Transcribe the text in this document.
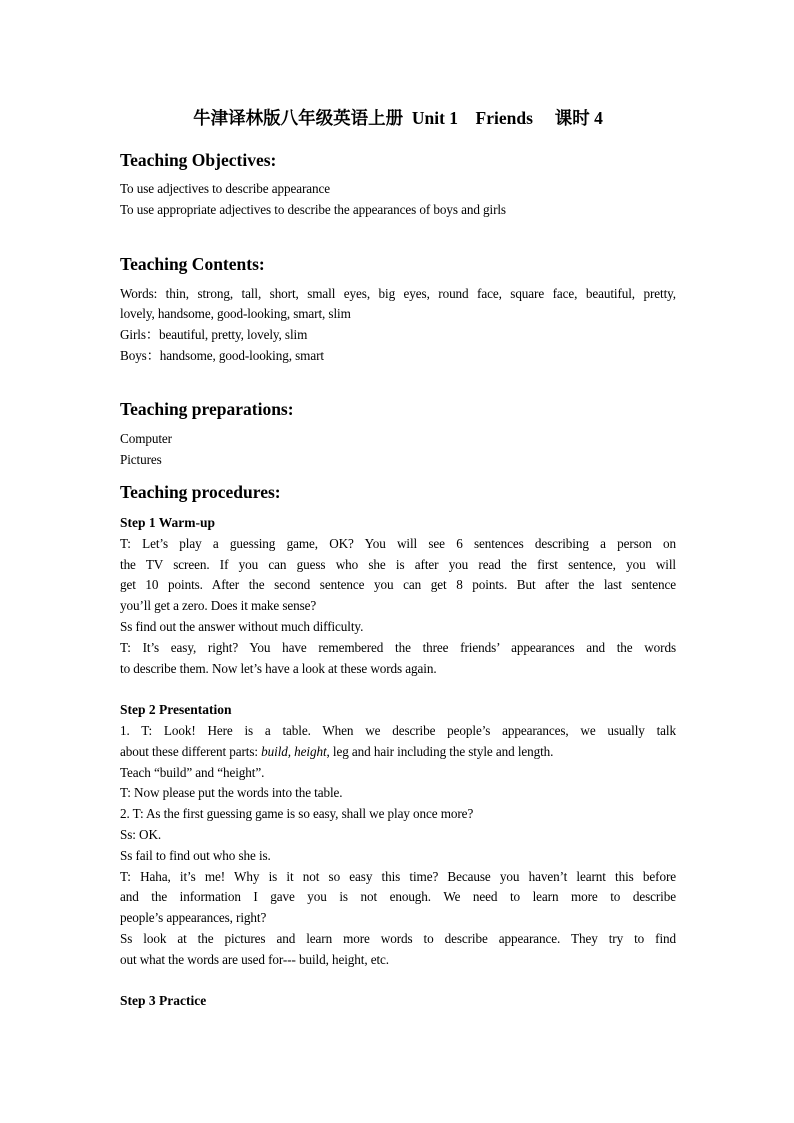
牛津译林版八年级英语上册  Unit 1    Friends     课时 4
Teaching Objectives:
To use adjectives to describe appearance
To use appropriate adjectives to describe the appearances of boys and girls
Teaching Contents:
Words: thin, strong, tall, short, small eyes, big eyes, round face, square face, beautiful, pretty,
lovely, handsome, good-looking, smart, slim
Girls：beautiful, pretty, lovely, slim
Boys：handsome, good-looking, smart
Teaching preparations:
Computer
Pictures
Teaching procedures:
Step 1 Warm-up
T: Let’s play a guessing game, OK? You will see 6 sentences describing a person on
the TV screen. If you can guess who she is after you read the first sentence, you will
get 10 points. After the second sentence you can get 8 points. But after the last sentence
you’ll get a zero. Does it make sense?
Ss find out the answer without much difficulty.
T: It’s easy, right? You have remembered the three friends’ appearances and the words
to describe them. Now let’s have a look at these words again.
Step 2 Presentation
1. T: Look! Here is a table. When we describe people’s appearances, we usually talk
about these different parts: build, height, leg and hair including the style and length.
Teach “build” and “height”.
T: Now please put the words into the table.
2. T: As the first guessing game is so easy, shall we play once more?
Ss: OK.
Ss fail to find out who she is.
T: Haha, it’s me! Why is it not so easy this time? Because you haven’t learnt this before
and the information I gave you is not enough. We need to learn more to describe
people’s appearances, right?
Ss look at the pictures and learn more words to describe appearance. They try to find
out what the words are used for--- build, height, etc.
Step 3 Practice
